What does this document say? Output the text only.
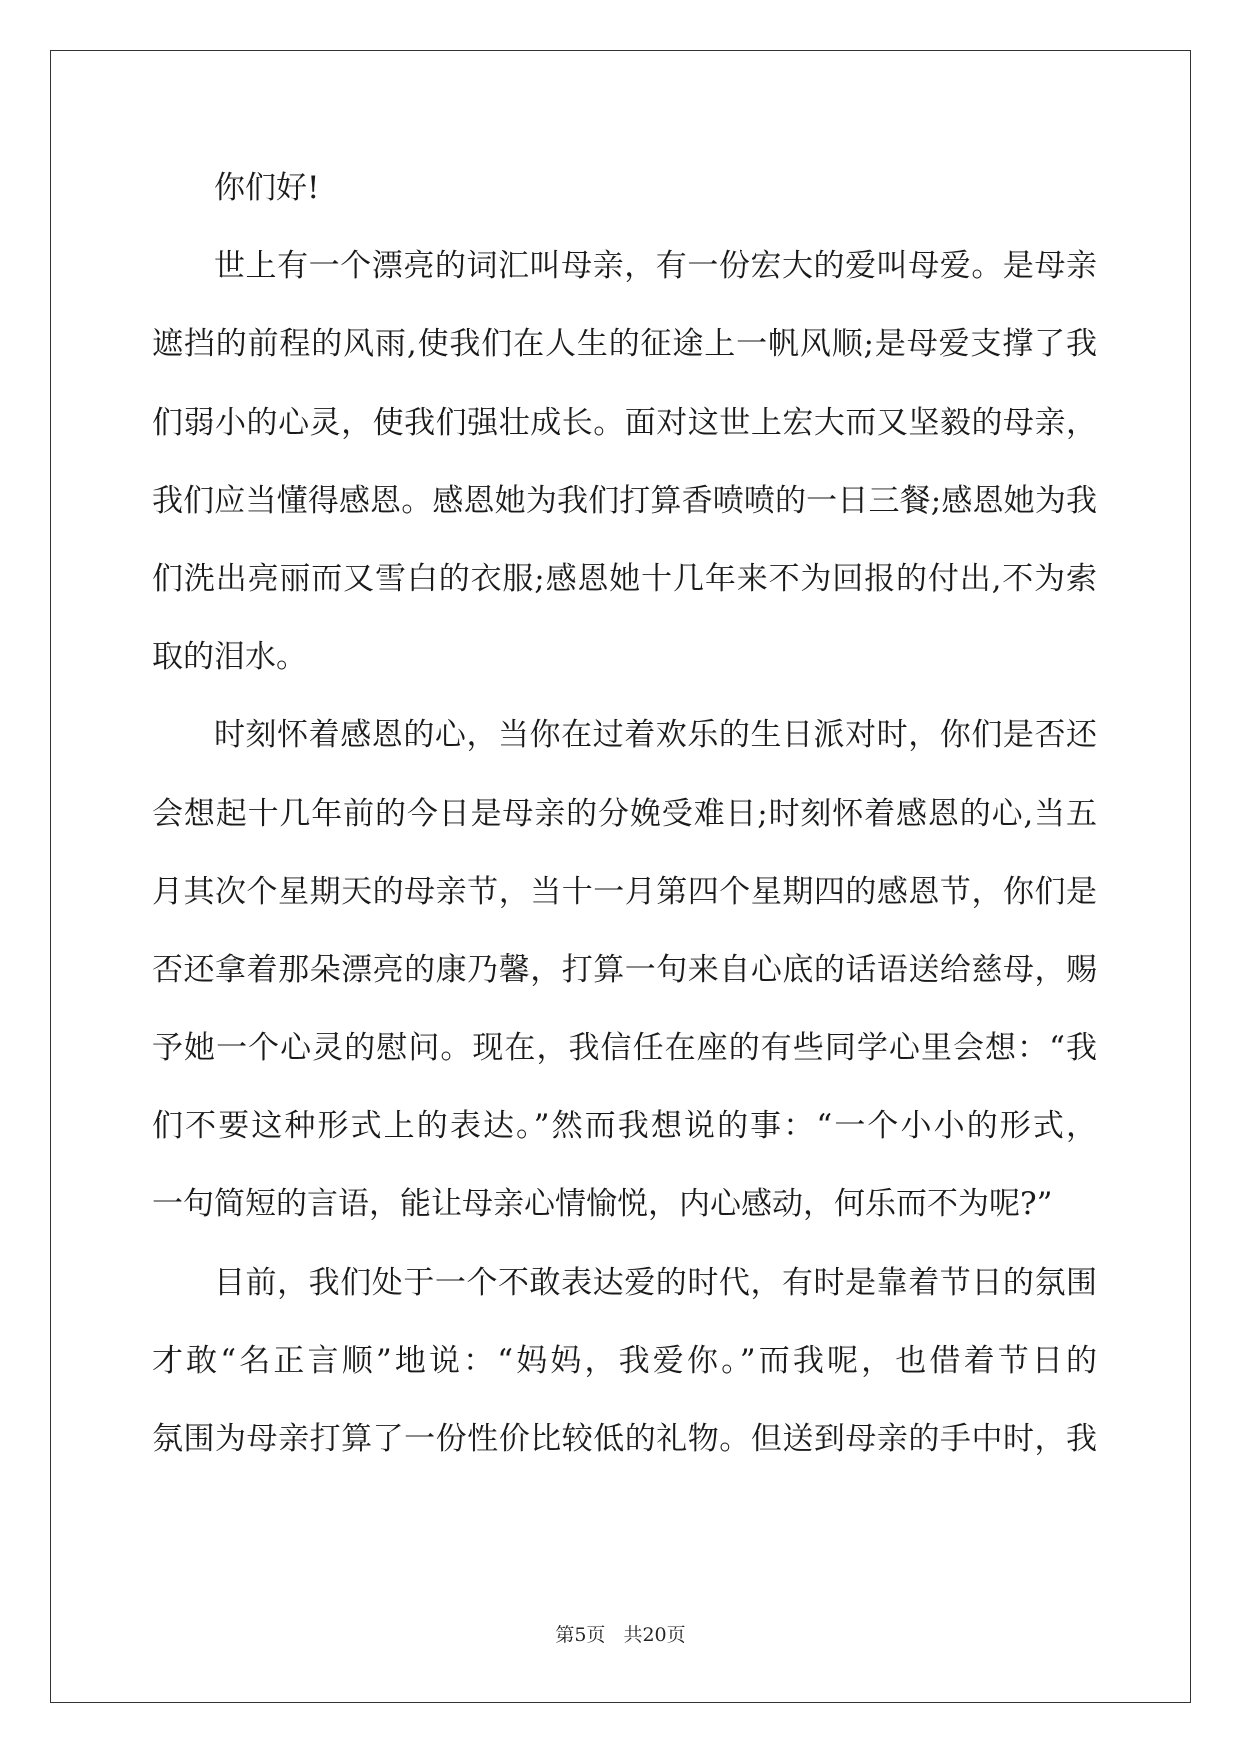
你们好!
世上有一个漂亮的词汇叫母亲，有一份宏大的爱叫母爱。是母亲
遮挡的前程的风雨,使我们在人生的征途上一帆风顺;是母爱支撑了我
们弱小的心灵，使我们强壮成长。面对这世上宏大而又坚毅的母亲，
我们应当懂得感恩。感恩她为我们打算香喷喷的一日三餐;感恩她为我
们洗出亮丽而又雪白的衣服;感恩她十几年来不为回报的付出,不为索
取的泪水。
时刻怀着感恩的心，当你在过着欢乐的生日派对时，你们是否还
会想起十几年前的今日是母亲的分娩受难日;时刻怀着感恩的心,当五
月其次个星期天的母亲节，当十一月第四个星期四的感恩节，你们是
否还拿着那朵漂亮的康乃馨，打算一句来自心底的话语送给慈母，赐
予她一个心灵的慰问。现在，我信任在座的有些同学心里会想：“我
们不要这种形式上的表达。”然而我想说的事：“一个小小的形式，
一句简短的言语，能让母亲心情愉悦，内心感动，何乐而不为呢?”
目前，我们处于一个不敢表达爱的时代，有时是靠着节日的氛围
才敢“名正言顺”地说：“妈妈，我爱你。”而我呢，也借着节日的
氛围为母亲打算了一份性价比较低的礼物。但送到母亲的手中时，我
第5页 共20页
